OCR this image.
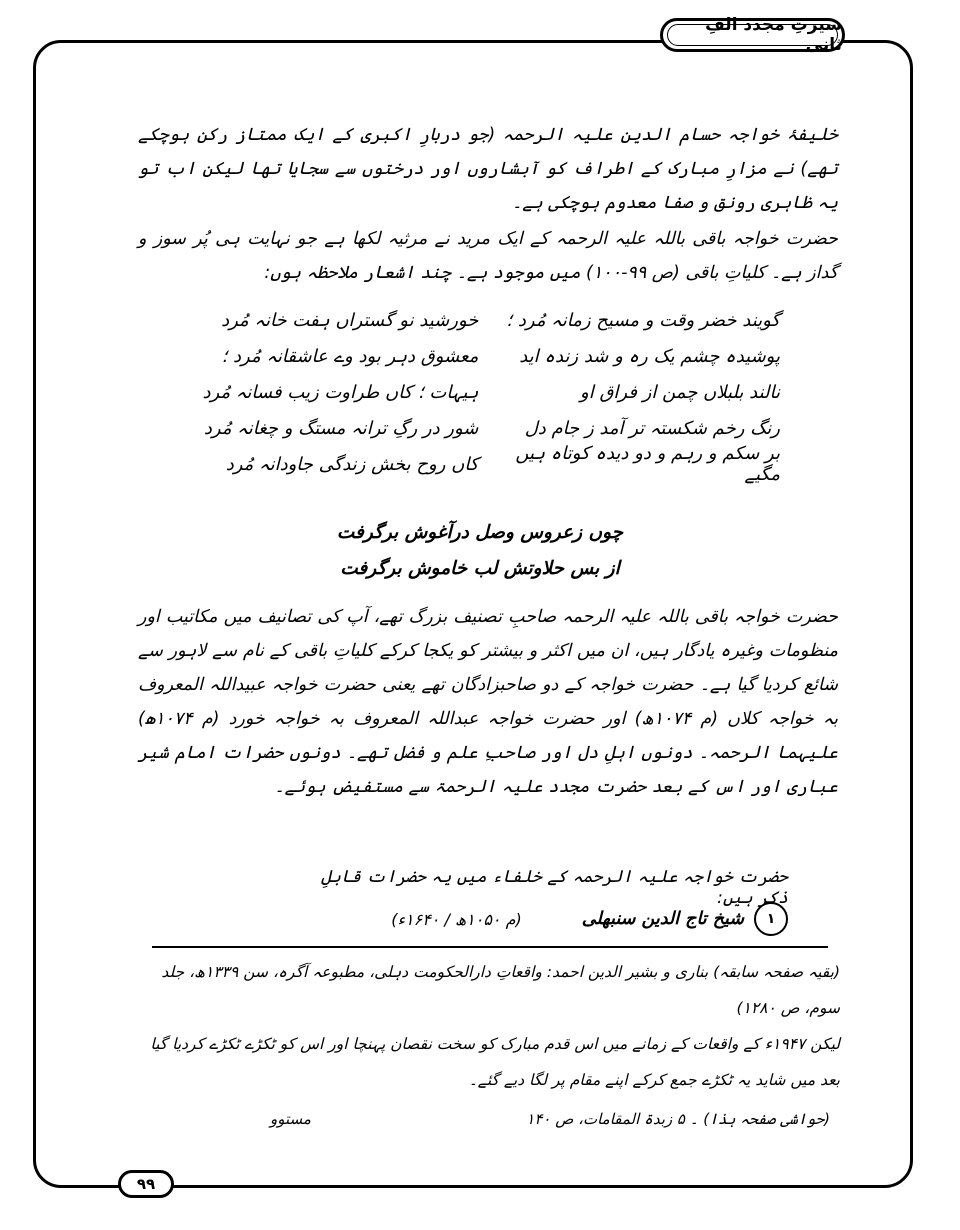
سیرتِ مجدد الفِ ثانی

خلیفۂ خواجہ حسام الدین علیہ الرحمہ (جو دربارِ اکبری کے ایک ممتاز رکن ہوچکے تھے) نے مزارِ مبارک کے اطراف کو آبشاروں اور درختوں سے سجایا تھا لیکن اب تو یہ ظاہری رونق و صفا معدوم ہوچکی ہے۔

حضرت خواجہ باقی باللہ علیہ الرحمہ کے ایک مرید نے مرثیہ لکھا ہے جو نہایت ہی پُر سوز و گداز ہے۔ کلیاتِ باقی (ص ۹۹-۱۰۰) میں موجود ہے۔ چند اشعار ملاحظہ ہوں:

گویند خضر وقت و مسیح زمانہ مُرد ؛
خورشید نو گستراں ہفت خانہ مُرد
پوشیدہ چشم یک رہ و شد زندہ اید
معشوق دہر بود وے عاشقانہ مُرد ؛
نالند بلبلاں چمن از فراق او
ہیہات ؛ کاں طراوت زیب فسانہ مُرد
رنگ رخم شکستہ تر آمد ز جام دل
شور در رگِ ترانہ مستگ و چغانہ مُرد
بر سکم و رہم و دو دیدہ کوتاہ ہیں مگیے
کاں روح بخش زندگی جاودانہ مُرد
چوں زعروس وصل درآغوش برگرفت
از بس حلاوتش لب خاموش برگرفت

حضرت خواجہ باقی باللہ علیہ الرحمہ صاحبِ تصنیف بزرگ تھے، آپ کی تصانیف میں مکاتیب اور منظومات وغیرہ یادگار ہیں، ان میں اکثر و بیشتر کو یکجا کرکے کلیاتِ باقی کے نام سے لاہور سے شائع کردیا گیا ہے۔ حضرت خواجہ کے دو صاحبزادگان تھے یعنی حضرت خواجہ عبیداللہ المعروف بہ خواجہ کلاں (م ۱۰۷۴ھ) اور حضرت خواجہ عبداللہ المعروف بہ خواجہ خورد (م ۱۰۷۴ھ) علیہما الرحمہ۔ دونوں اہلِ دل اور صاحبِ علم و فضل تھے۔ دونوں حضرات امام شیر عباری اور اس کے بعد حضرت مجدد علیہ الرحمۃ سے مستفیض ہوئے۔

حضرت خواجہ علیہ الرحمہ کے خلفاء میں یہ حضرات قابلِ ذکر ہیں:
۱
شیخ تاج الدین سنبھلی
(م ۱۰۵۰ھ / ۱۶۴۰ء)

(بقیہ صفحہ سابقہ) بناری و بشیر الدین احمد: واقعاتِ دارالحکومت دہلی، مطبوعہ آگرہ، سن ۱۳۳۹ھ، جلد سوم، ص ۱۲۸۰)

لیکن ۱۹۴۷ء کے واقعات کے زمانے میں اس قدم مبارک کو سخت نقصان پہنچا اور اس کو ٹکڑے ٹکڑے کردیا گیا

بعد میں شاید یہ ٹکڑے جمع کرکے اپنے مقام پر لگا دیے گئے۔

(حواشی صفحہ ہذا) ۔ ۵ زبدۃ المقامات، ص ۱۴۰
مستوو
۹۹
